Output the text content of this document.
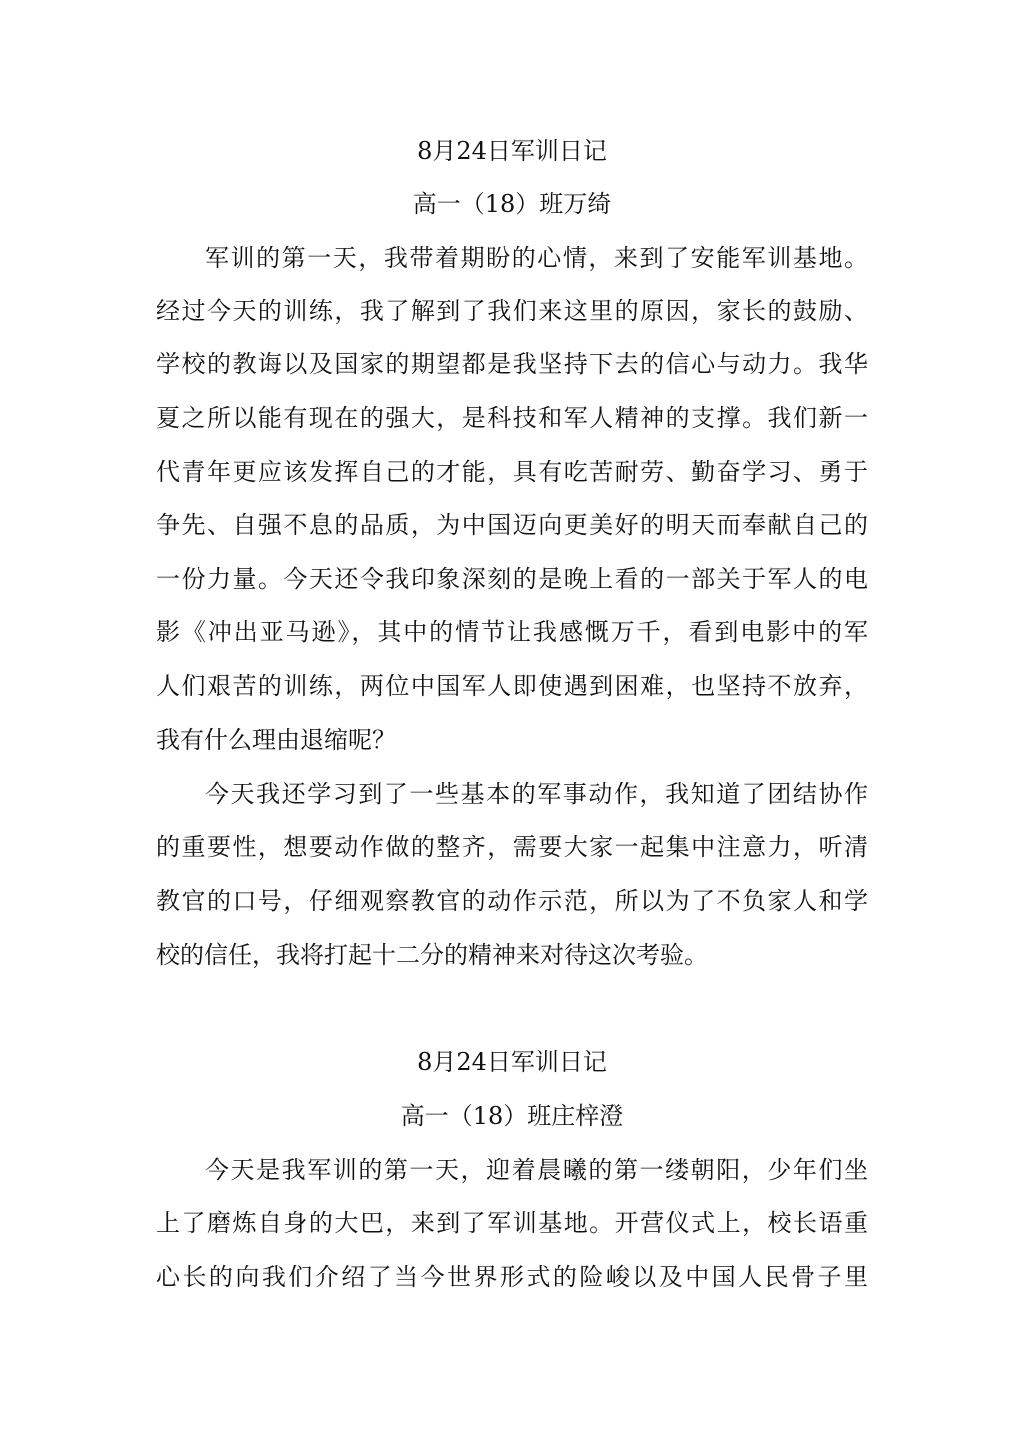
8月24日军训日记
高一（18）班万绮
军训的第一天，我带着期盼的心情，来到了安能军训基地。
经过今天的训练，我了解到了我们来这里的原因，家长的鼓励、
学校的教诲以及国家的期望都是我坚持下去的信心与动力。我华
夏之所以能有现在的强大，是科技和军人精神的支撑。我们新一
代青年更应该发挥自己的才能，具有吃苦耐劳、勤奋学习、勇于
争先、自强不息的品质，为中国迈向更美好的明天而奉献自己的
一份力量。今天还令我印象深刻的是晚上看的一部关于军人的电
影《冲出亚马逊》，其中的情节让我感慨万千，看到电影中的军
人们艰苦的训练，两位中国军人即使遇到困难，也坚持不放弃，
我有什么理由退缩呢？
今天我还学习到了一些基本的军事动作，我知道了团结协作
的重要性，想要动作做的整齐，需要大家一起集中注意力，听清
教官的口号，仔细观察教官的动作示范，所以为了不负家人和学
校的信任，我将打起十二分的精神来对待这次考验。
8月24日军训日记
高一（18）班庄梓澄
今天是我军训的第一天，迎着晨曦的第一缕朝阳，少年们坐
上了磨炼自身的大巴，来到了军训基地。开营仪式上，校长语重
心长的向我们介绍了当今世界形式的险峻以及中国人民骨子里
